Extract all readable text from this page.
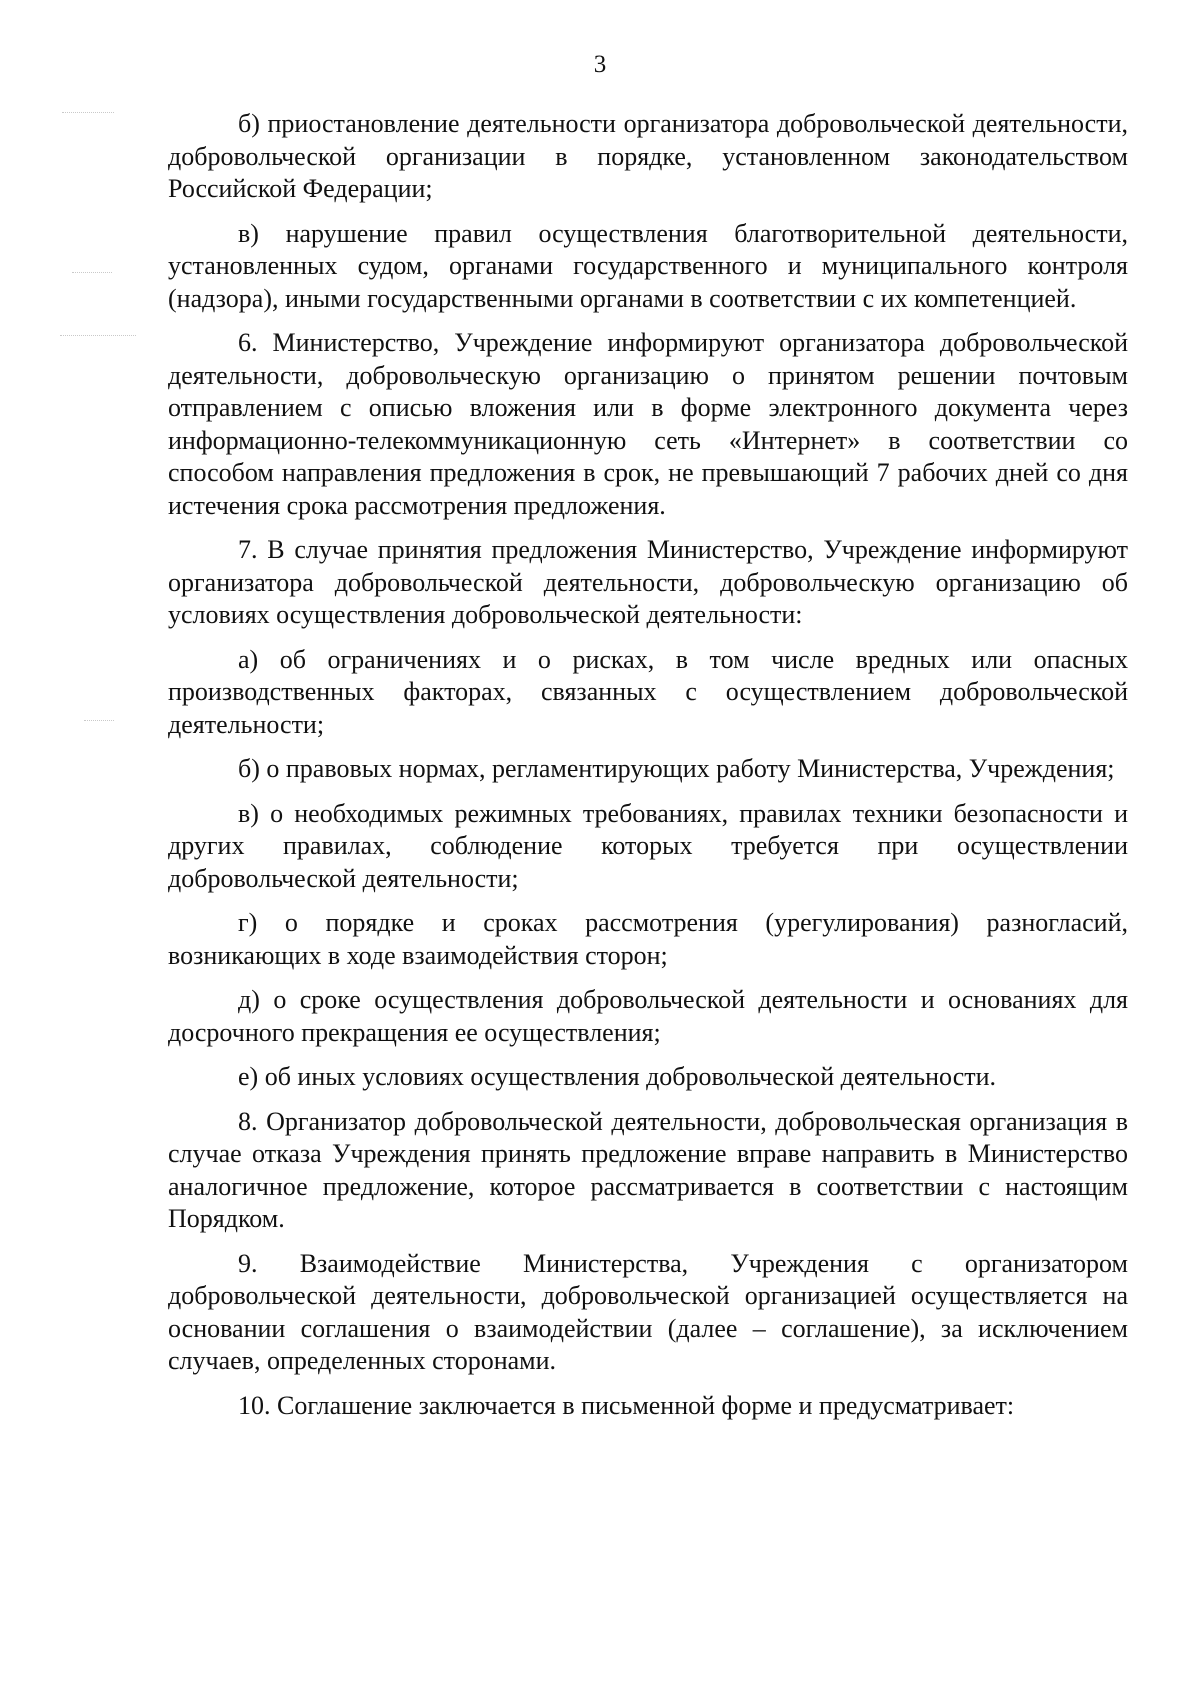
3

б) приостановление деятельности организатора добровольческой деятельности, добровольческой организации в порядке, установленном законодательством Российской Федерации;

в) нарушение правил осуществления благотворительной деятельности, установленных судом, органами государственного и муниципального контроля (надзора), иными государственными органами в соответствии с их компетенцией.

6. Министерство, Учреждение информируют организатора добровольческой деятельности, добровольческую организацию о принятом решении почтовым отправлением с описью вложения или в форме электронного документа через информационно-телекоммуникационную сеть «Интернет» в соответствии со способом направления предложения в срок, не превышающий 7 рабочих дней со дня истечения срока рассмотрения предложения.

7. В случае принятия предложения Министерство, Учреждение информируют организатора добровольческой деятельности, добровольческую организацию об условиях осуществления добровольческой деятельности:

а) об ограничениях и о рисках, в том числе вредных или опасных производственных факторах, связанных с осуществлением добровольческой деятельности;

б) о правовых нормах, регламентирующих работу Министерства, Учреждения;

в) о необходимых режимных требованиях, правилах техники безопасности и других правилах, соблюдение которых требуется при осуществлении добровольческой деятельности;

г) о порядке и сроках рассмотрения (урегулирования) разногласий, возникающих в ходе взаимодействия сторон;

д) о сроке осуществления добровольческой деятельности и основаниях для досрочного прекращения ее осуществления;

е) об иных условиях осуществления добровольческой деятельности.

8. Организатор добровольческой деятельности, добровольческая организация в случае отказа Учреждения принять предложение вправе направить в Министерство аналогичное предложение, которое рассматривается в соответствии с настоящим Порядком.

9. Взаимодействие Министерства, Учреждения с организатором добровольческой деятельности, добровольческой организацией осуществляется на основании соглашения о взаимодействии (далее – соглашение), за исключением случаев, определенных сторонами.

10. Соглашение заключается в письменной форме и предусматривает:
